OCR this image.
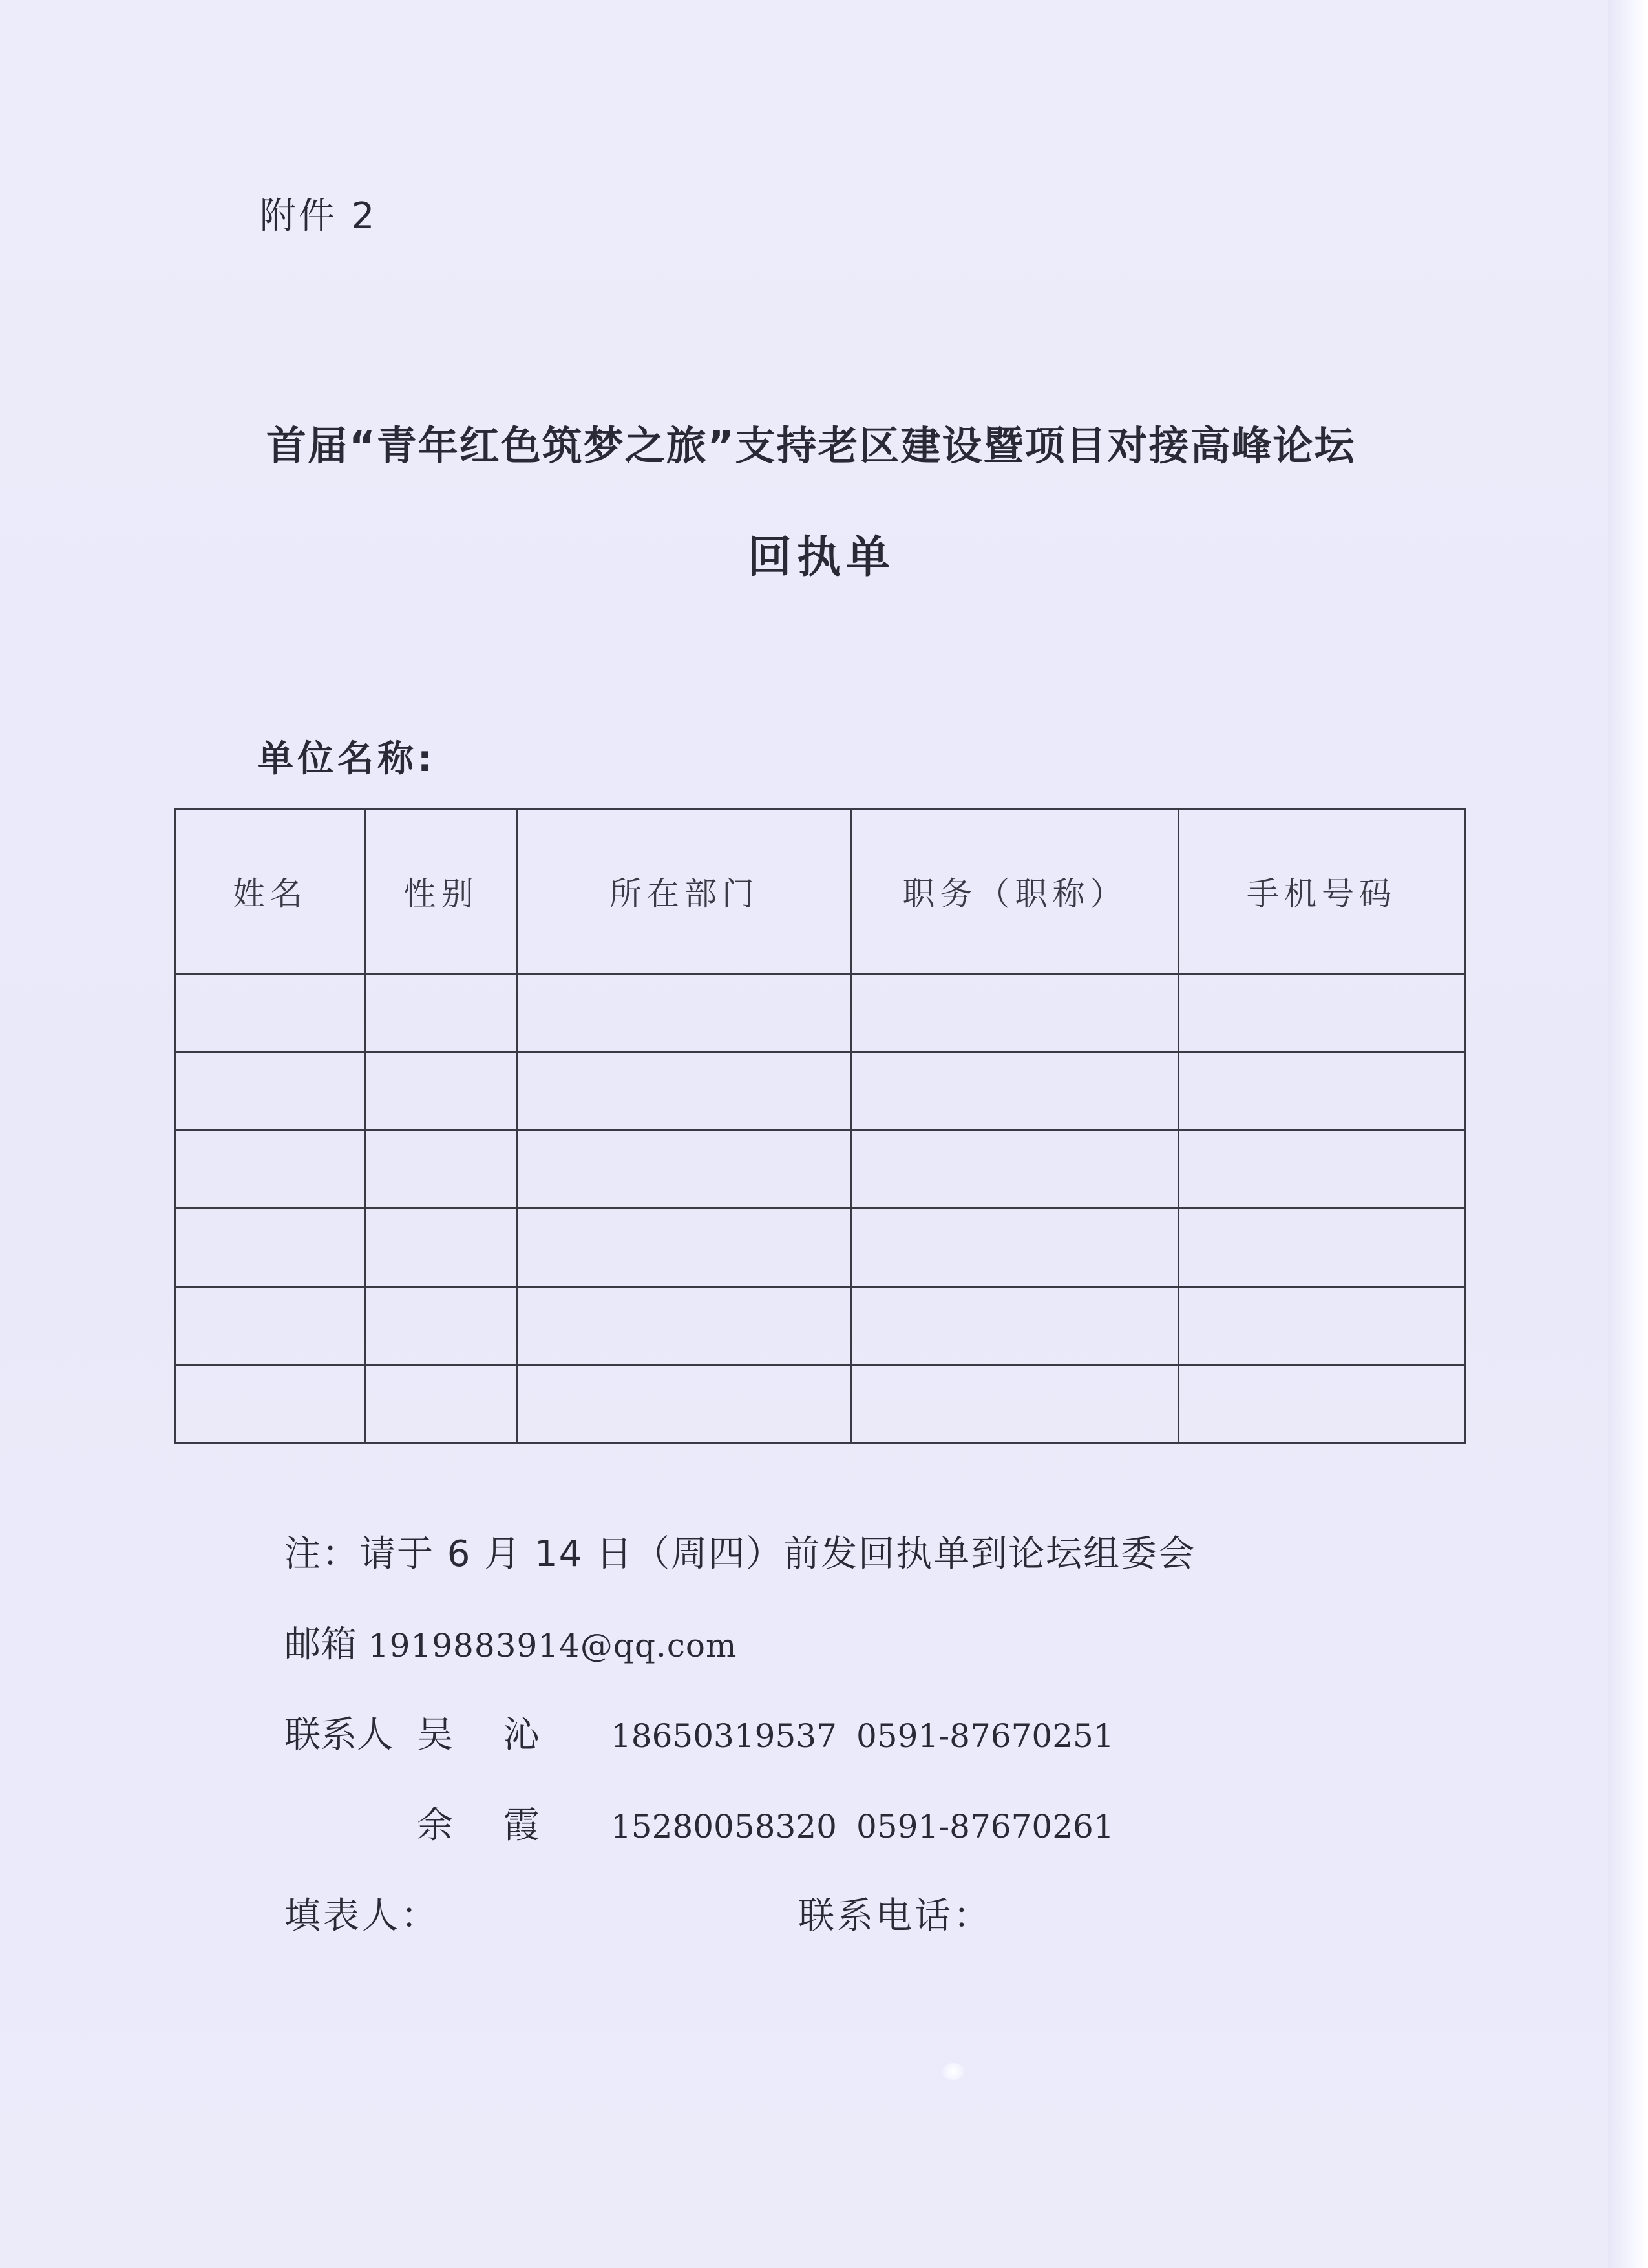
附件 2
首届“青年红色筑梦之旅”支持老区建设暨项目对接高峰论坛
回执单
单位名称:
姓名	性别	所在部门	职务（职称）	手机号码

注：请于 6 月 14 日（周四）前发回执单到论坛组委会
邮箱 1919883914@qq.com
联系人 吴 沁 18650319537 0591-87670251
余 霞 15280058320 0591-87670261
填表人：	联系电话：
